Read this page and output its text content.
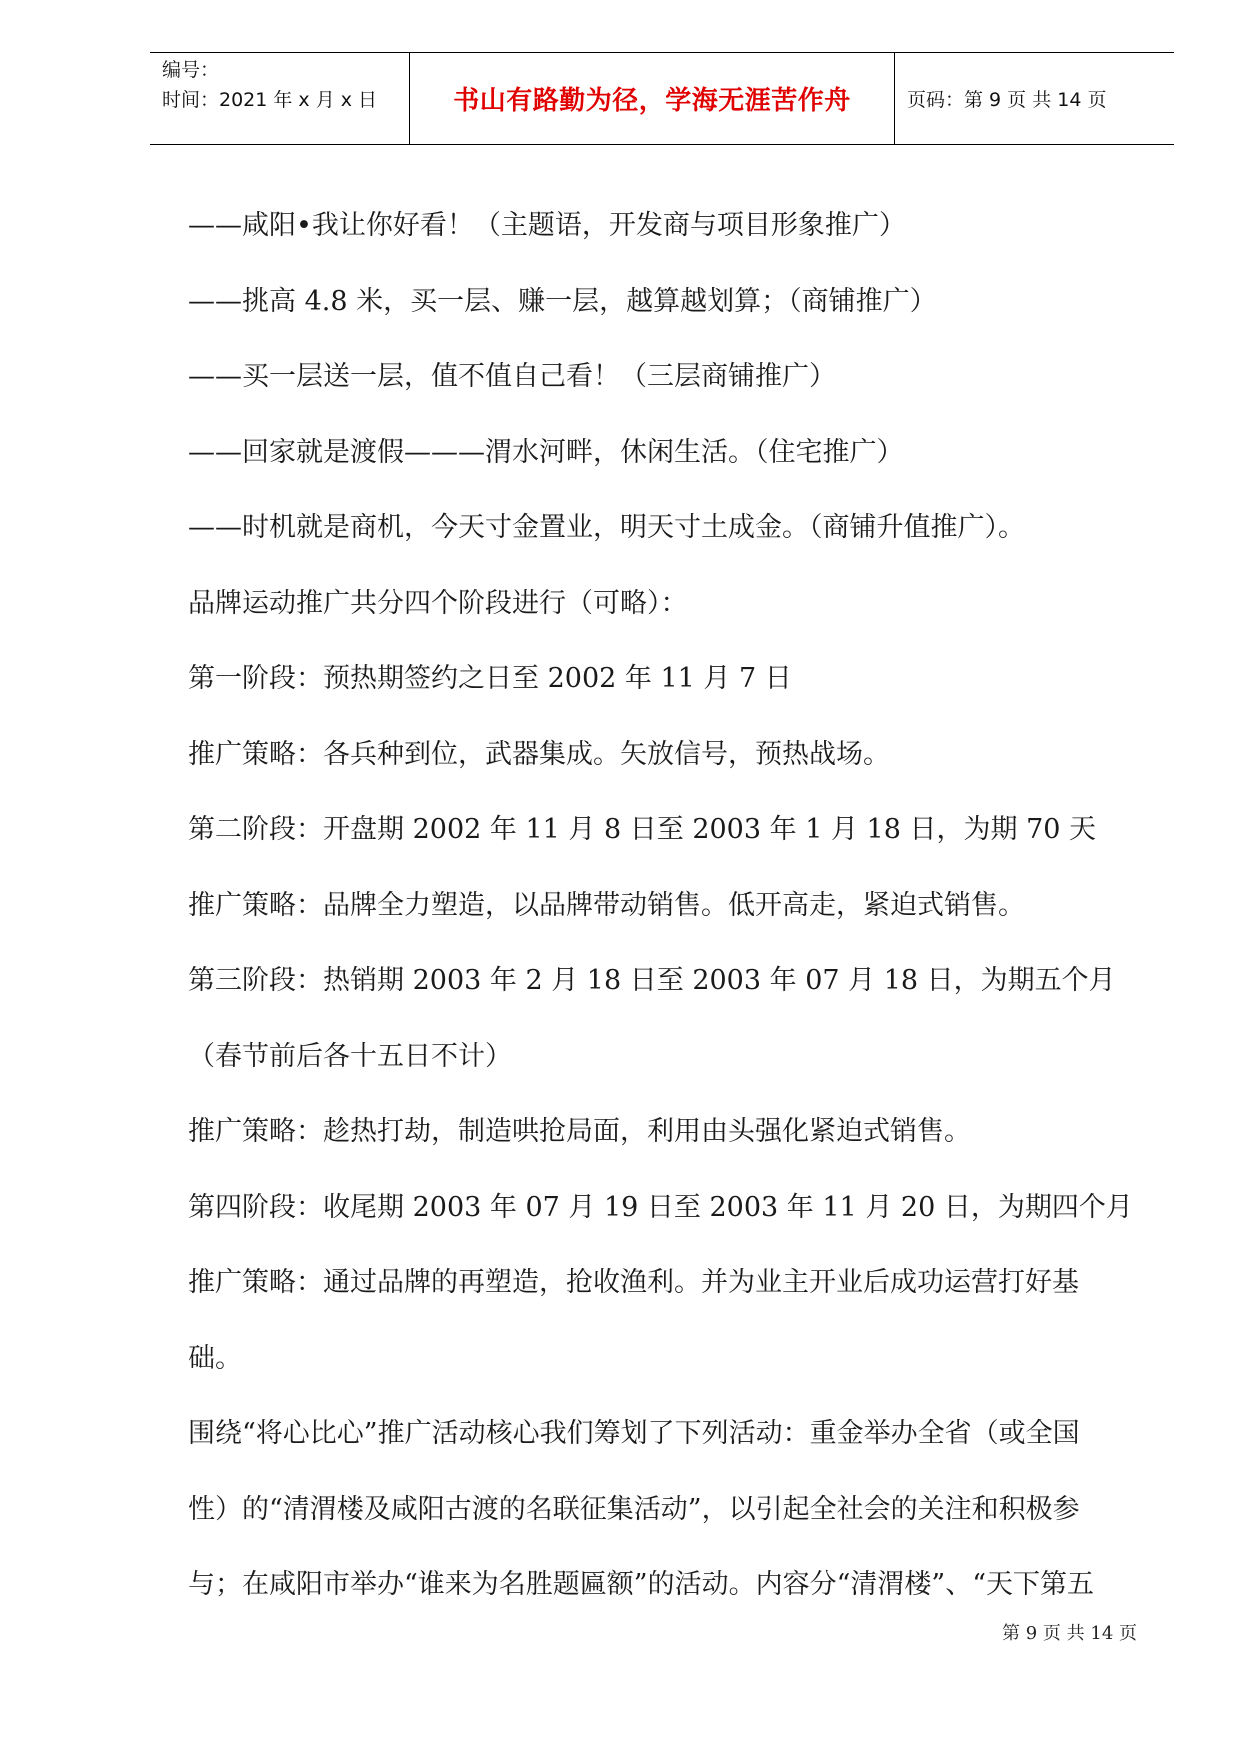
编号：
时间：2021 年 x 月 x 日	书山有路勤为径，学海无涯苦作舟	页码：第 9 页 共 14 页
——咸阳•我让你好看！（主题语，开发商与项目形象推广）
——挑高 4.8 米，买一层、赚一层，越算越划算；（商铺推广）
——买一层送一层，值不值自己看！（三层商铺推广）
——回家就是渡假———渭水河畔，休闲生活。（住宅推广）
——时机就是商机，今天寸金置业，明天寸土成金。（商铺升值推广）。
品牌运动推广共分四个阶段进行（可略）：
第一阶段：预热期签约之日至 2002 年 11 月 7 日
推广策略：各兵种到位，武器集成。矢放信号，预热战场。
第二阶段：开盘期 2002 年 11 月 8 日至 2003 年 1 月 18 日，为期 70 天
推广策略：品牌全力塑造，以品牌带动销售。低开高走，紧迫式销售。
第三阶段：热销期 2003 年 2 月 18 日至 2003 年 07 月 18 日，为期五个月
（春节前后各十五日不计）
推广策略：趁热打劫，制造哄抢局面，利用由头强化紧迫式销售。
第四阶段：收尾期 2003 年 07 月 19 日至 2003 年 11 月 20 日，为期四个月
推广策略：通过品牌的再塑造，抢收渔利。并为业主开业后成功运营打好基
础。
围绕“将心比心”推广活动核心我们筹划了下列活动：重金举办全省（或全国
性）的“清渭楼及咸阳古渡的名联征集活动”，以引起全社会的关注和积极参
与；在咸阳市举办“谁来为名胜题匾额”的活动。内容分“清渭楼”、“天下第五
第 9 页 共 14 页
